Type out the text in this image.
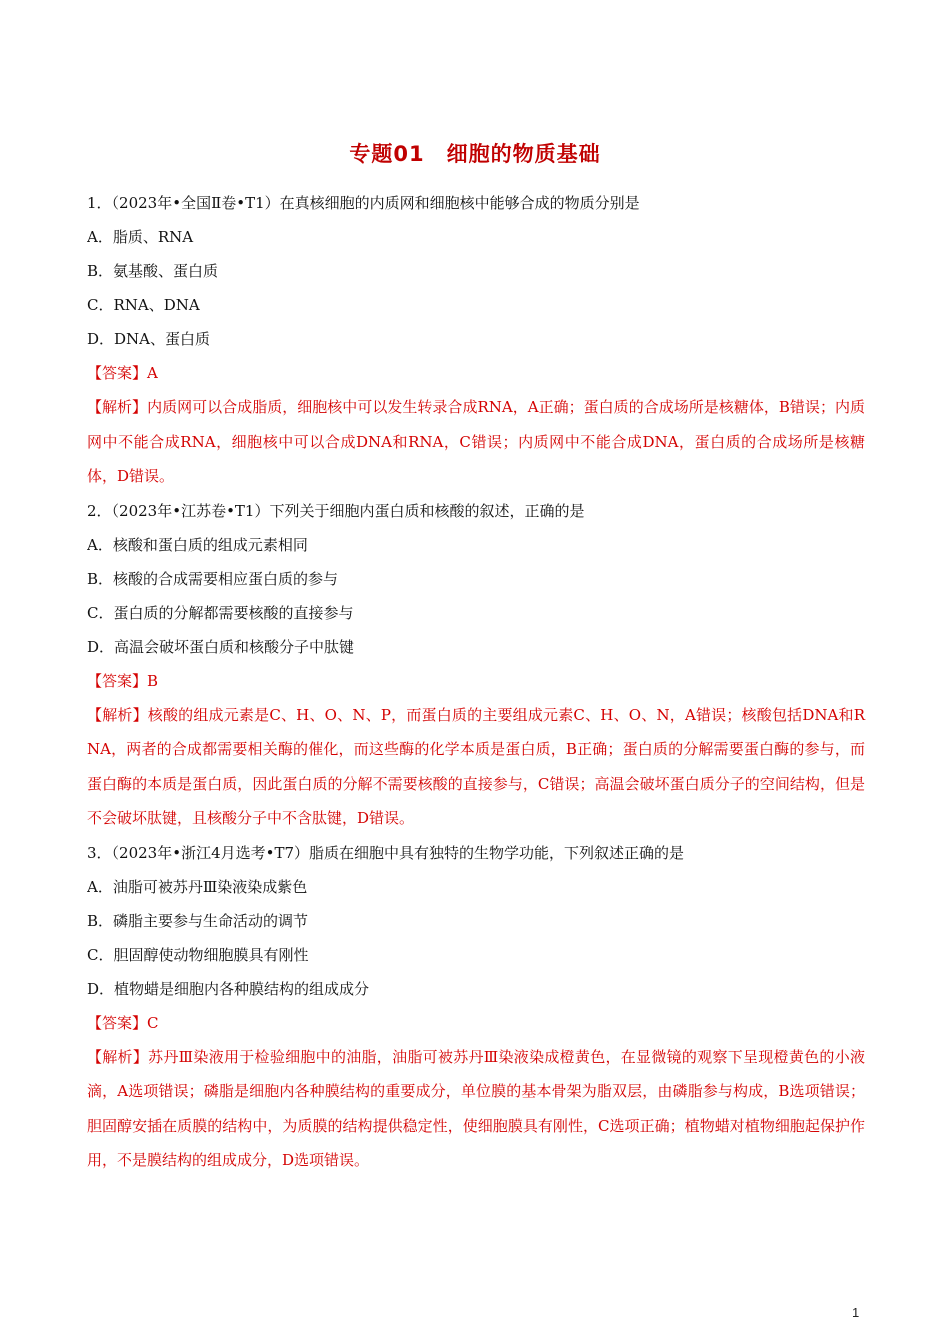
专题01　细胞的物质基础
1．（2023年•全国Ⅱ卷•T1）在真核细胞的内质网和细胞核中能够合成的物质分别是
A．脂质、RNA
B．氨基酸、蛋白质
C．RNA、DNA
D．DNA、蛋白质
【答案】A
【解析】内质网可以合成脂质，细胞核中可以发生转录合成RNA，A正确；蛋白质的合成场所是核糖体，B错误；内质网中不能合成RNA，细胞核中可以合成DNA和RNA，C错误；内质网中不能合成DNA，蛋白质的合成场所是核糖体，D错误。
2．（2023年•江苏卷•T1）下列关于细胞内蛋白质和核酸的叙述，正确的是
A．核酸和蛋白质的组成元素相同
B．核酸的合成需要相应蛋白质的参与
C．蛋白质的分解都需要核酸的直接参与
D．高温会破坏蛋白质和核酸分子中肽键
【答案】B
【解析】核酸的组成元素是C、H、O、N、P，而蛋白质的主要组成元素C、H、O、N，A错误；核酸包括DNA和RNA，两者的合成都需要相关酶的催化，而这些酶的化学本质是蛋白质，B正确；蛋白质的分解需要蛋白酶的参与，而蛋白酶的本质是蛋白质，因此蛋白质的分解不需要核酸的直接参与，C错误；高温会破坏蛋白质分子的空间结构，但是不会破坏肽键，且核酸分子中不含肽键，D错误。
3．（2023年•浙江4月选考•T7）脂质在细胞中具有独特的生物学功能，下列叙述正确的是
A．油脂可被苏丹Ⅲ染液染成紫色
B．磷脂主要参与生命活动的调节
C．胆固醇使动物细胞膜具有刚性
D．植物蜡是细胞内各种膜结构的组成成分
【答案】C
【解析】苏丹Ⅲ染液用于检验细胞中的油脂，油脂可被苏丹Ⅲ染液染成橙黄色，在显微镜的观察下呈现橙黄色的小液滴，A选项错误；磷脂是细胞内各种膜结构的重要成分，单位膜的基本骨架为脂双层，由磷脂参与构成，B选项错误；胆固醇安插在质膜的结构中，为质膜的结构提供稳定性，使细胞膜具有刚性，C选项正确；植物蜡对植物细胞起保护作用，不是膜结构的组成成分，D选项错误。
1
